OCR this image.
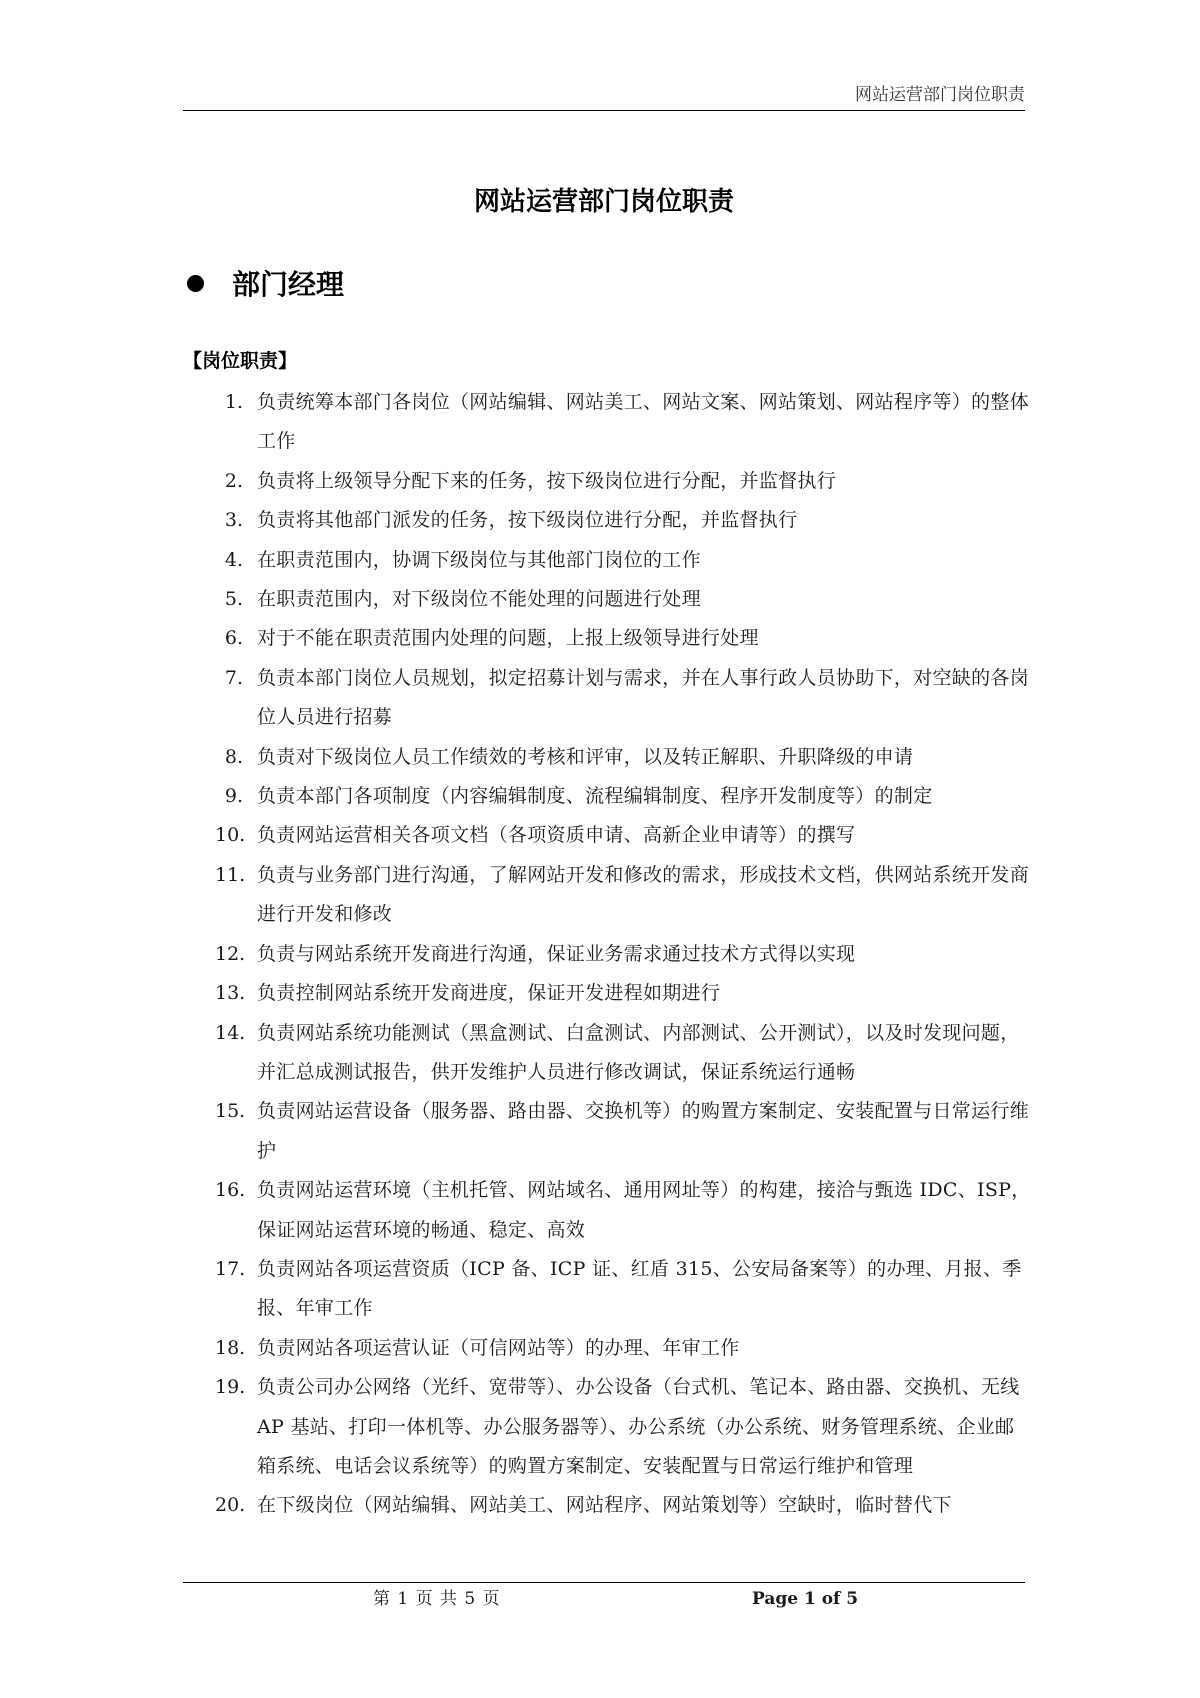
网站运营部门岗位职责
网站运营部门岗位职责
部门经理
【岗位职责】
1. 负责统筹本部门各岗位（网站编辑、网站美工、网站文案、网站策划、网站程序等）的整体工作
2. 负责将上级领导分配下来的任务，按下级岗位进行分配，并监督执行
3. 负责将其他部门派发的任务，按下级岗位进行分配，并监督执行
4. 在职责范围内，协调下级岗位与其他部门岗位的工作
5. 在职责范围内，对下级岗位不能处理的问题进行处理
6. 对于不能在职责范围内处理的问题，上报上级领导进行处理
7. 负责本部门岗位人员规划，拟定招募计划与需求，并在人事行政人员协助下，对空缺的各岗位人员进行招募
8. 负责对下级岗位人员工作绩效的考核和评审，以及转正解职、升职降级的申请
9. 负责本部门各项制度（内容编辑制度、流程编辑制度、程序开发制度等）的制定
10. 负责网站运营相关各项文档（各项资质申请、高新企业申请等）的撰写
11. 负责与业务部门进行沟通，了解网站开发和修改的需求，形成技术文档，供网站系统开发商进行开发和修改
12. 负责与网站系统开发商进行沟通，保证业务需求通过技术方式得以实现
13. 负责控制网站系统开发商进度，保证开发进程如期进行
14. 负责网站系统功能测试（黑盒测试、白盒测试、内部测试、公开测试），以及时发现问题，并汇总成测试报告，供开发维护人员进行修改调试，保证系统运行通畅
15. 负责网站运营设备（服务器、路由器、交换机等）的购置方案制定、安装配置与日常运行维护
16. 负责网站运营环境（主机托管、网站域名、通用网址等）的构建，接洽与甄选 IDC、ISP，保证网站运营环境的畅通、稳定、高效
17. 负责网站各项运营资质（ICP 备、ICP 证、红盾 315、公安局备案等）的办理、月报、季报、年审工作
18. 负责网站各项运营认证（可信网站等）的办理、年审工作
19. 负责公司办公网络（光纤、宽带等）、办公设备（台式机、笔记本、路由器、交换机、无线 AP 基站、打印一体机等、办公服务器等）、办公系统（办公系统、财务管理系统、企业邮箱系统、电话会议系统等）的购置方案制定、安装配置与日常运行维护和管理
20. 在下级岗位（网站编辑、网站美工、网站程序、网站策划等）空缺时，临时替代下
第 1 页 共 5 页	Page 1 of 5
